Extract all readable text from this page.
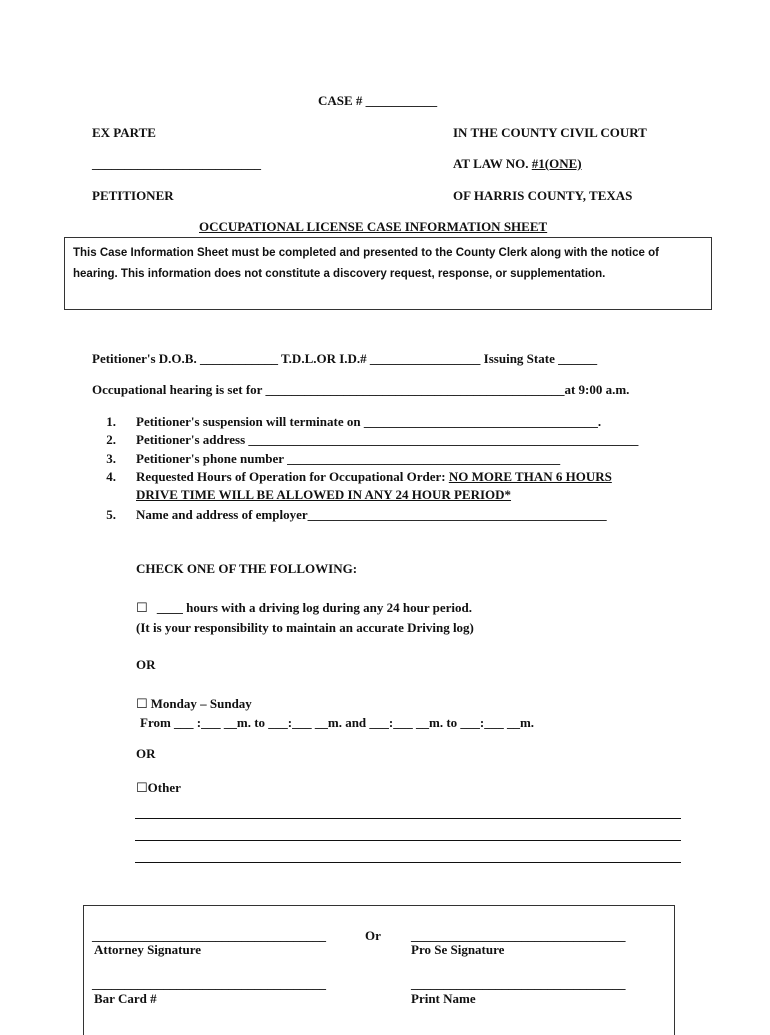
CASE # ___________
EX PARTE	IN THE COUNTY CIVIL COURT
__________________________	AT LAW NO. #1(ONE)
PETITIONER	OF HARRIS COUNTY, TEXAS
OCCUPATIONAL LICENSE CASE INFORMATION SHEET
This Case Information Sheet must be completed and presented to the County Clerk along with the notice of
hearing. This information does not constitute a discovery request, response, or supplementation.
Petitioner's D.O.B. ____________ T.D.L.OR I.D.# _________________ Issuing State ______
Occupational hearing is set for ______________________________________________at 9:00 a.m.
1. Petitioner's suspension will terminate on ____________________________________.
2. Petitioner's address ____________________________________________________________
3. Petitioner's phone number __________________________________________
4. Requested Hours of Operation for Occupational Order: NO MORE THAN 6 HOURS
DRIVE TIME WILL BE ALLOWED IN ANY 24 HOUR PERIOD*
5. Name and address of employer______________________________________________
CHECK ONE OF THE FOLLOWING:
☐ ____ hours with a driving log during any 24 hour period.
(It is your responsibility to maintain an accurate Driving log)
OR
☐ Monday – Sunday
From ___ :___ __m. to ___:___ __m. and ___:___ __m. to ___:___ __m.
OR
☐Other
____________________________________	Or _________________________________
Attorney Signature	Pro Se Signature
____________________________________	_________________________________
Bar Card #	Print Name
